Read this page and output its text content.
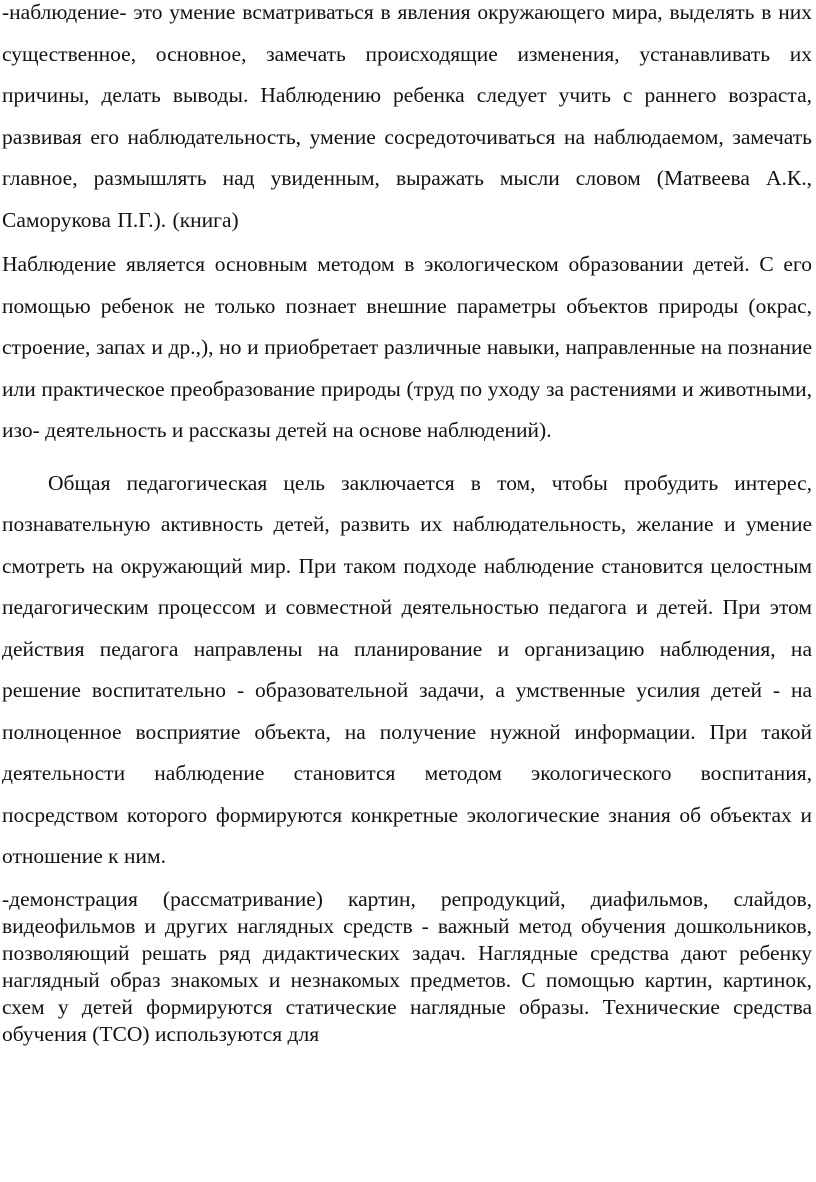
-наблюдение- это умение всматриваться в явления окружающего мира, выделять в них существенное, основное, замечать происходящие изменения, устанавливать их причины, делать выводы. Наблюдению ребенка следует учить с раннего возраста, развивая его наблюдательность, умение сосредоточиваться на наблюдаемом, замечать главное, размышлять над увиденным, выражать мысли словом (Матвеева А.К., Саморукова П.Г.). (книга)

Наблюдение является основным методом в экологическом образовании детей. С его помощью ребенок не только познает внешние параметры объектов природы (окрас, строение, запах и др.,), но и приобретает различные навыки, направленные на познание или практическое преобразование природы (труд по уходу за растениями и животными, изо- деятельность и рассказы детей на основе наблюдений).

Общая педагогическая цель заключается в том, чтобы пробудить интерес, познавательную активность детей, развить их наблюдательность, желание и умение смотреть на окружающий мир. При таком подходе наблюдение становится целостным педагогическим процессом и совместной деятельностью педагога и детей. При этом действия педагога направлены на планирование и организацию наблюдения, на решение воспитательно - образовательной задачи, а умственные усилия детей - на полноценное восприятие объекта, на получение нужной информации. При такой деятельности наблюдение становится методом экологического воспитания, посредством которого формируются конкретные экологические знания об объектах и отношение к ним.

-демонстрация (рассматривание) картин, репродукций, диафильмов, слайдов, видеофильмов и других наглядных средств - важный метод обучения дошкольников, позволяющий решать ряд дидактических задач. Наглядные средства дают ребенку наглядный образ знакомых и незнакомых предметов. С помощью картин, картинок, схем у детей формируются статические наглядные образы. Технические средства обучения (ТСО) используются для
